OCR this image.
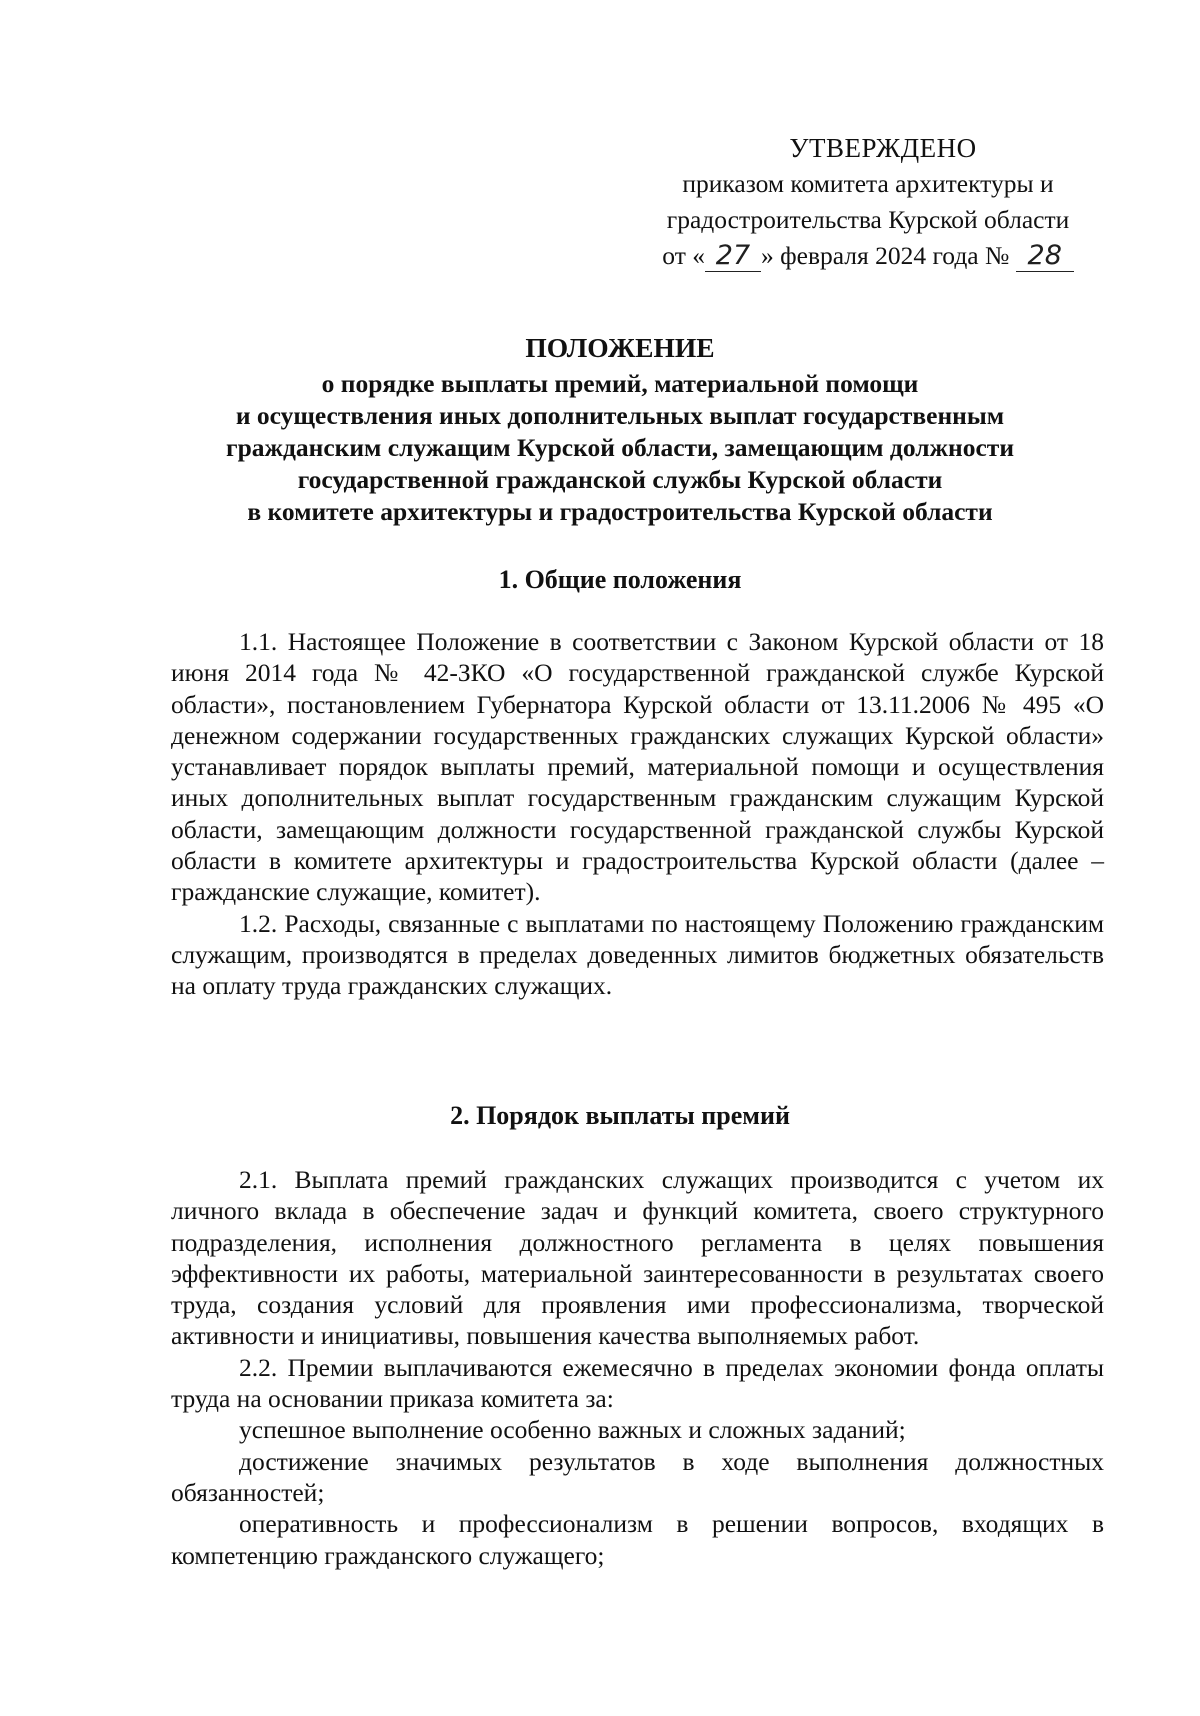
УТВЕРЖДЕНО
приказом комитета архитектуры и
градостроительства Курской области
от « 27 » февраля 2024 года № 28
ПОЛОЖЕНИЕ
о порядке выплаты премий, материальной помощи
и осуществления иных дополнительных выплат государственным
гражданским служащим Курской области, замещающим должности
государственной гражданской службы Курской области
в комитете архитектуры и градостроительства Курской области
1. Общие положения

1.1. Настоящее Положение в соответствии с Законом Курской области от 18 июня 2014 года № 42-ЗКО «О государственной гражданской службе Курской области», постановлением Губернатора Курской области от 13.11.2006 № 495 «О денежном содержании государственных гражданских служащих Курской области» устанавливает порядок выплаты премий, материальной помощи и осуществления иных дополнительных выплат государственным гражданским служащим Курской области, замещающим должности государственной гражданской службы Курской области в комитете архитектуры и градостроительства Курской области (далее – гражданские служащие, комитет).

1.2. Расходы, связанные с выплатами по настоящему Положению гражданским служащим, производятся в пределах доведенных лимитов бюджетных обязательств на оплату труда гражданских служащих.

2. Порядок выплаты премий

2.1. Выплата премий гражданских служащих производится с учетом их личного вклада в обеспечение задач и функций комитета, своего структурного подразделения, исполнения должностного регламента в целях повышения эффективности их работы, материальной заинтересованности в результатах своего труда, создания условий для проявления ими профессионализма, творческой активности и инициативы, повышения качества выполняемых работ.

2.2. Премии выплачиваются ежемесячно в пределах экономии фонда оплаты труда на основании приказа комитета за:

успешное выполнение особенно важных и сложных заданий;

достижение значимых результатов в ходе выполнения должностных обязанностей;

оперативность и профессионализм в решении вопросов, входящих в компетенцию гражданского служащего;
